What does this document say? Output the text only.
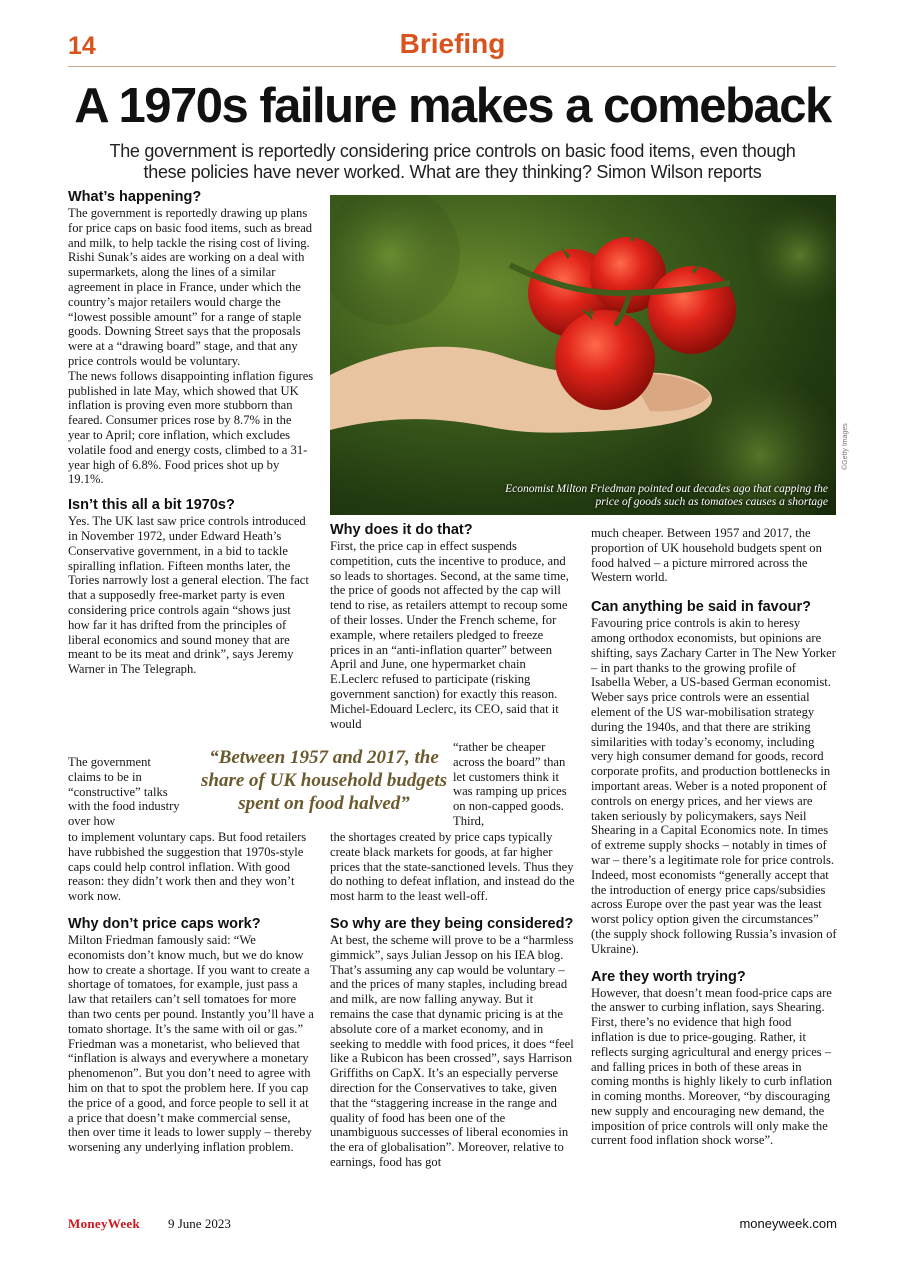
14	Briefing
A 1970s failure makes a comeback
The government is reportedly considering price controls on basic food items, even though these policies have never worked. What are they thinking? Simon Wilson reports
Economist Milton Friedman pointed out decades ago that capping the price of goods such as tomatoes causes a shortage
©Getty Images
What’s happening?

The government is reportedly drawing up plans for price caps on basic food items, such as bread and milk, to help tackle the rising cost of living. Rishi Sunak’s aides are working on a deal with supermarkets, along the lines of a similar agreement in place in France, under which the country’s major retailers would charge the “lowest possible amount” for a range of staple goods. Downing Street says that the proposals were at a “drawing board” stage, and that any price controls would be voluntary.

The news follows disappointing inflation figures published in late May, which showed that UK inflation is proving even more stubborn than feared. Consumer prices rose by 8.7% in the year to April; core inflation, which excludes volatile food and energy costs, climbed to a 31-year high of 6.8%. Food prices shot up by 19.1%.

Isn’t this all a bit 1970s?

Yes. The UK last saw price controls introduced in November 1972, under Edward Heath’s Conservative government, in a bid to tackle spiralling inflation. Fifteen months later, the Tories narrowly lost a general election. The fact that a supposedly free-market party is even considering price controls again “shows just how far it has drifted from the principles of liberal economics and sound money that are meant to be its meat and drink”, says Jeremy Warner in The Telegraph.

The government claims to be in “constructive” talks with the food industry over how

to implement voluntary caps. But food retailers have rubbished the suggestion that 1970s-style caps could help control inflation. With good reason: they didn’t work then and they won’t work now.

Why don’t price caps work?

Milton Friedman famously said: “We economists don’t know much, but we do know how to create a shortage. If you want to create a shortage of tomatoes, for example, just pass a law that retailers can’t sell tomatoes for more than two cents per pound. Instantly you’ll have a tomato shortage. It’s the same with oil or gas.” Friedman was a monetarist, who believed that “inflation is always and everywhere a monetary phenomenon”. But you don’t need to agree with him on that to spot the problem here. If you cap the price of a good, and force people to sell it at a price that doesn’t make commercial sense, then over time it leads to lower supply – thereby worsening any underlying inflation problem.

“Between 1957 and 2017, the share of UK household budgets spent on food halved”
Why does it do that?

First, the price cap in effect suspends competition, cuts the incentive to produce, and so leads to shortages. Second, at the same time, the price of goods not affected by the cap will tend to rise, as retailers attempt to recoup some of their losses. Under the French scheme, for example, where retailers pledged to freeze prices in an “anti-inflation quarter” between April and June, one hypermarket chain E.Leclerc refused to participate (risking government sanction) for exactly this reason. Michel-Edouard Leclerc, its CEO, said that it would

“rather be cheaper across the board” than let customers think it was ramping up prices on non-capped goods. Third,

the shortages created by price caps typically create black markets for goods, at far higher prices that the state-sanctioned levels. Thus they do nothing to defeat inflation, and instead do the most harm to the least well-off.

So why are they being considered?

At best, the scheme will prove to be a “harmless gimmick”, says Julian Jessop on his IEA blog. That’s assuming any cap would be voluntary – and the prices of many staples, including bread and milk, are now falling anyway. But it remains the case that dynamic pricing is at the absolute core of a market economy, and in seeking to meddle with food prices, it does “feel like a Rubicon has been crossed”, says Harrison Griffiths on CapX. It’s an especially perverse direction for the Conservatives to take, given that the “staggering increase in the range and quality of food has been one of the unambiguous successes of liberal economies in the era of globalisation”. Moreover, relative to earnings, food has got

much cheaper. Between 1957 and 2017, the proportion of UK household budgets spent on food halved – a picture mirrored across the Western world.

Can anything be said in favour?

Favouring price controls is akin to heresy among orthodox economists, but opinions are shifting, says Zachary Carter in The New Yorker – in part thanks to the growing profile of Isabella Weber, a US-based German economist. Weber says price controls were an essential element of the US war-mobilisation strategy during the 1940s, and that there are striking similarities with today’s economy, including very high consumer demand for goods, record corporate profits, and production bottlenecks in important areas. Weber is a noted proponent of controls on energy prices, and her views are taken seriously by policymakers, says Neil Shearing in a Capital Economics note. In times of extreme supply shocks – notably in times of war – there’s a legitimate role for price controls. Indeed, most economists “generally accept that the introduction of energy price caps/subsidies across Europe over the past year was the least worst policy option given the circumstances” (the supply shock following Russia’s invasion of Ukraine).

Are they worth trying?

However, that doesn’t mean food-price caps are the answer to curbing inflation, says Shearing. First, there’s no evidence that high food inflation is due to price-gouging. Rather, it reflects surging agricultural and energy prices – and falling prices in both of these areas in coming months is highly likely to curb inflation in coming months. Moreover, “by discouraging new supply and encouraging new demand, the imposition of price controls will only make the current food inflation shock worse”.

MoneyWeek 9 June 2023	moneyweek.com
